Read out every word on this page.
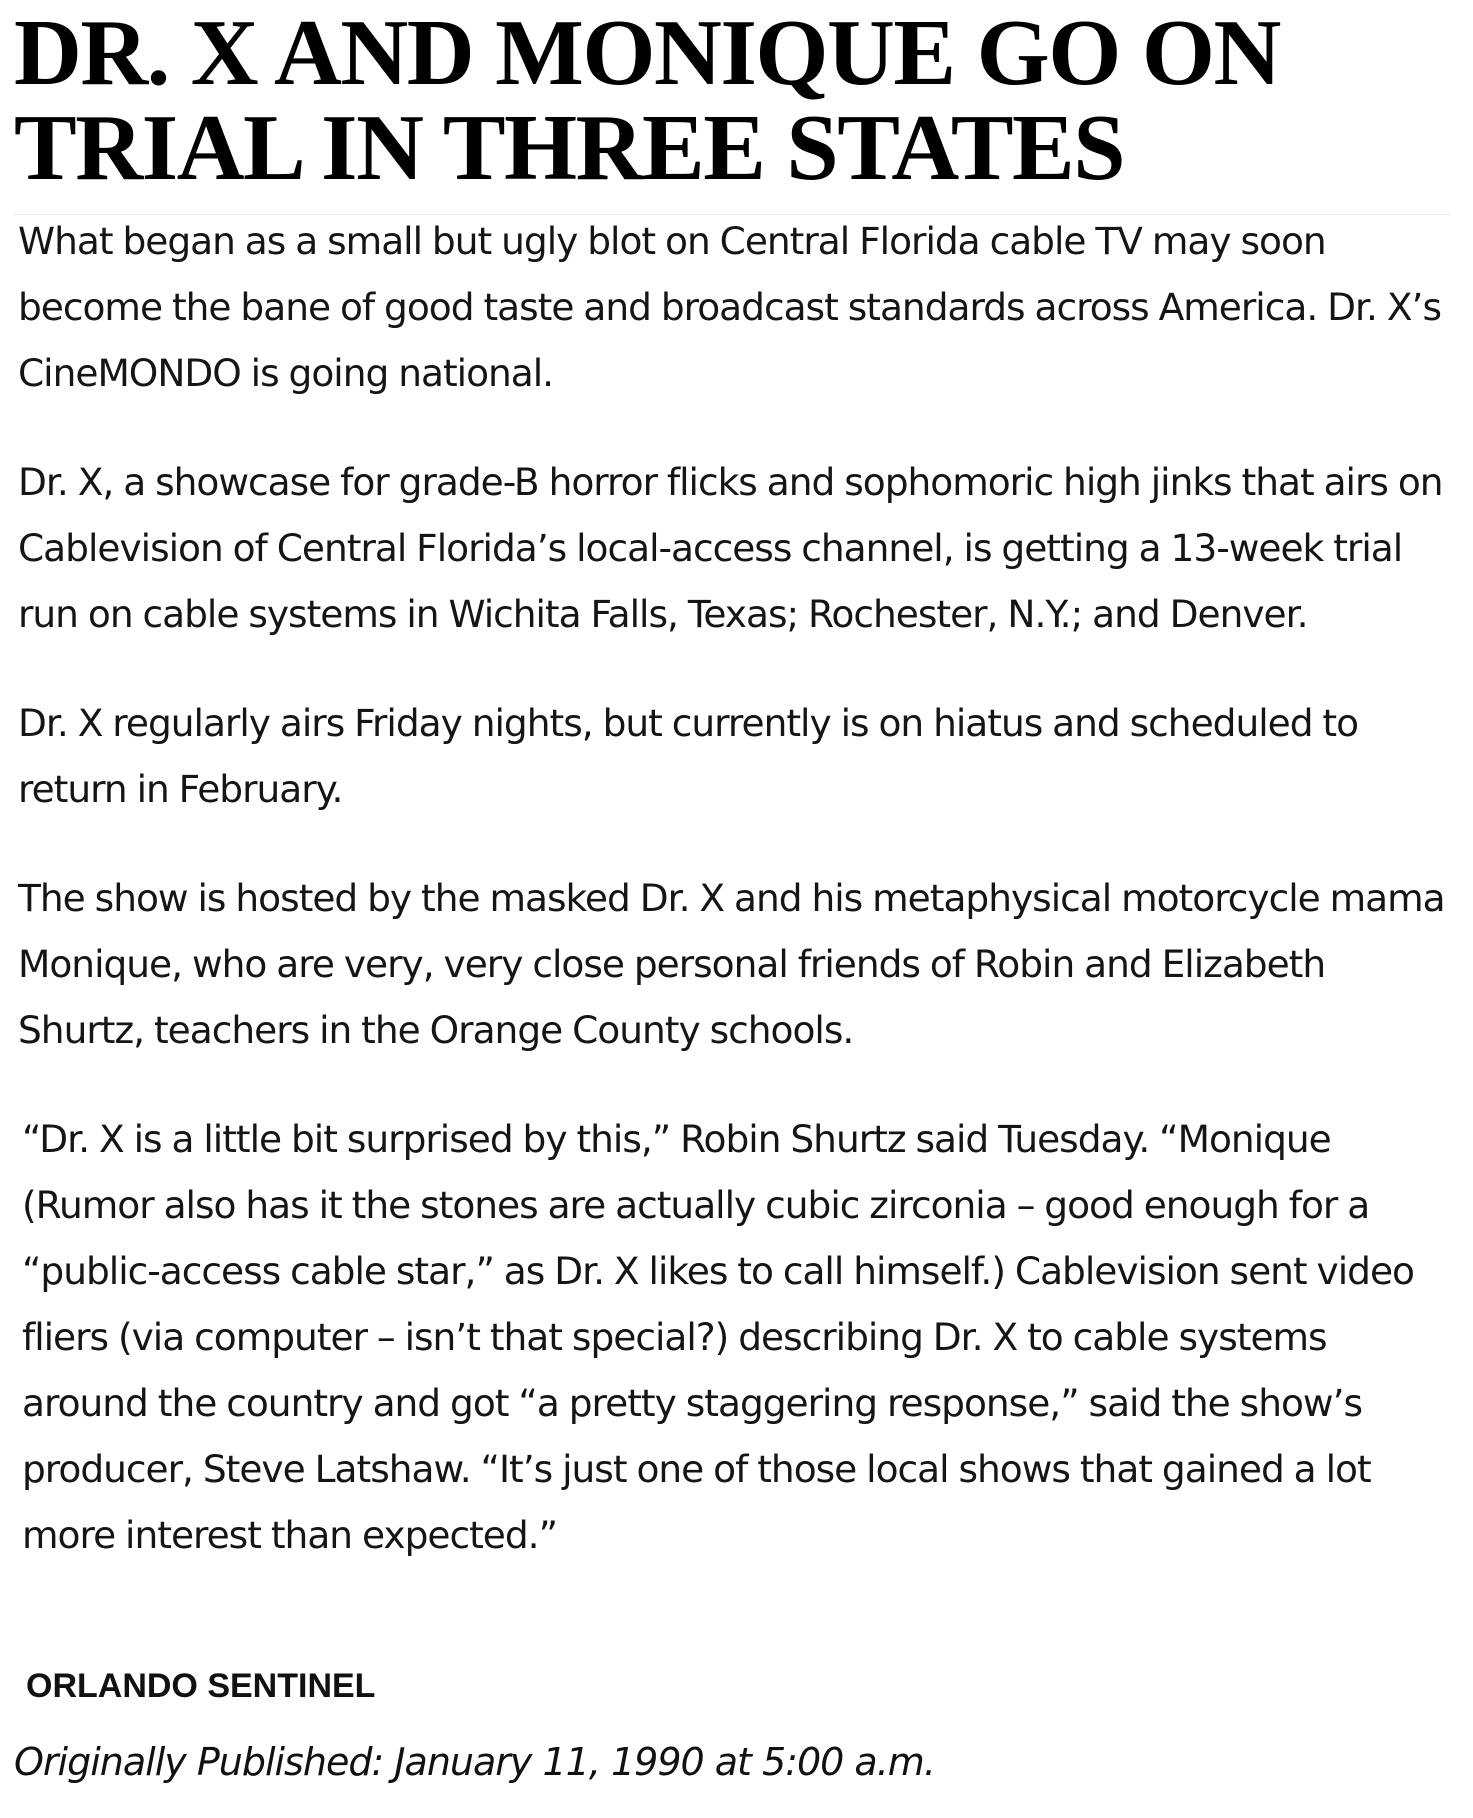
DR. X AND MONIQUE GO ON TRIAL IN THREE STATES

What began as a small but ugly blot on Central Florida cable TV may soon become the bane of good taste and broadcast standards across America. Dr. X’s CineMONDO is going national.

Dr. X, a showcase for grade-B horror flicks and sophomoric high jinks that airs on Cablevision of Central Florida’s local-access channel, is getting a 13-week trial run on cable systems in Wichita Falls, Texas; Rochester, N.Y.; and Denver.

Dr. X regularly airs Friday nights, but currently is on hiatus and scheduled to return in February.

The show is hosted by the masked Dr. X and his metaphysical motorcycle mama Monique, who are very, very close personal friends of Robin and Elizabeth Shurtz, teachers in the Orange County schools.

“Dr. X is a little bit surprised by this,” Robin Shurtz said Tuesday. “Monique (Rumor also has it the stones are actually cubic zirconia – good enough for a “public-access cable star,” as Dr. X likes to call himself.) Cablevision sent video fliers (via computer – isn’t that special?) describing Dr. X to cable systems around the country and got “a pretty staggering response,” said the show’s producer, Steve Latshaw. “It’s just one of those local shows that gained a lot more interest than expected.”

ORLANDO SENTINEL
Originally Published: January 11, 1990 at 5:00 a.m.
